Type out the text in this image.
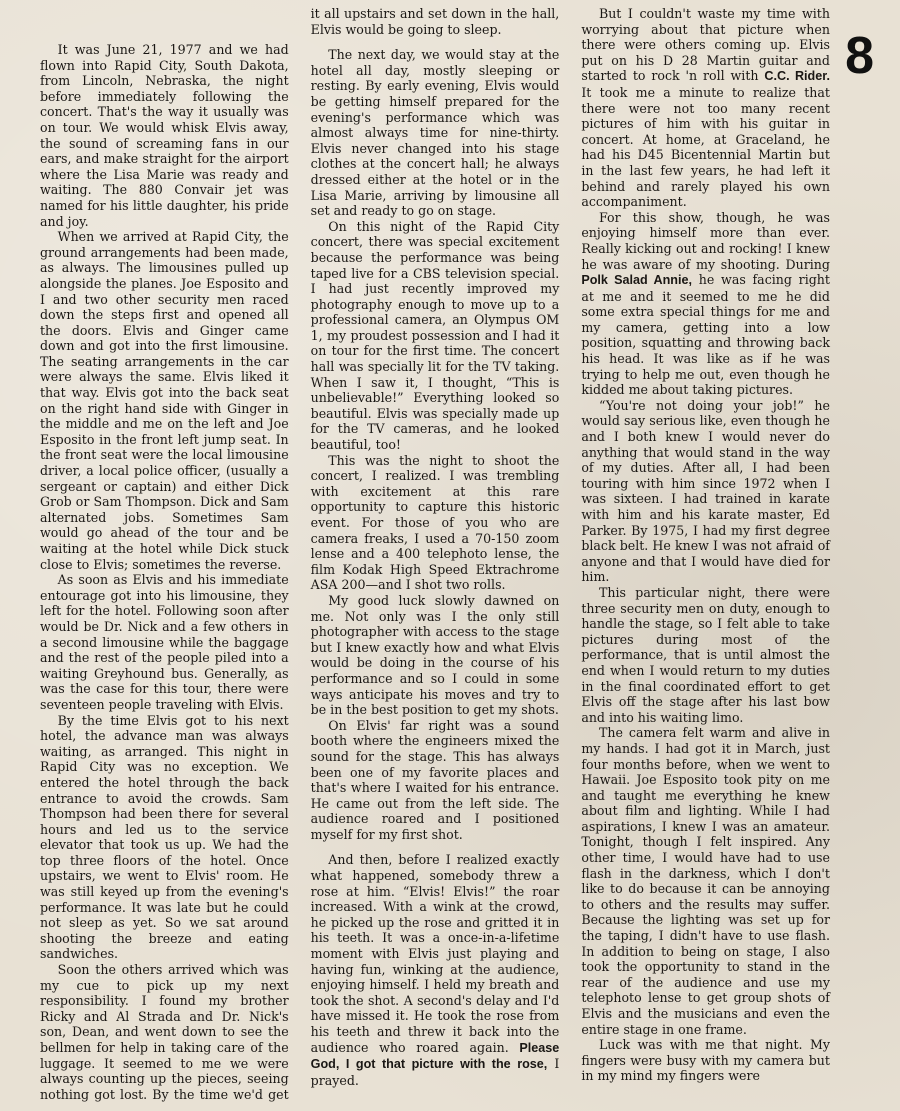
8

It was June 21, 1977 and we had flown into Rapid City, South Dakota, from Lincoln, Nebraska, the night before immediately following the concert. That's the way it usually was on tour. We would whisk Elvis away, the sound of screaming fans in our ears, and make straight for the airport where the Lisa Marie was ready and waiting. The 880 Convair jet was named for his little daughter, his pride and joy.

When we arrived at Rapid City, the ground arrangements had been made, as always. The limousines pulled up alongside the planes. Joe Esposito and I and two other security men raced down the steps first and opened all the doors. Elvis and Ginger came down and got into the first limousine. The seating arrangements in the car were always the same. Elvis liked it that way. Elvis got into the back seat on the right hand side with Ginger in the middle and me on the left and Joe Esposito in the front left jump seat. In the front seat were the local limousine driver, a local police officer, (usually a sergeant or captain) and either Dick Grob or Sam Thompson. Dick and Sam alternated jobs. Sometimes Sam would go ahead of the tour and be waiting at the hotel while Dick stuck close to Elvis; sometimes the reverse.

As soon as Elvis and his immediate entourage got into his limousine, they left for the hotel. Following soon after would be Dr. Nick and a few others in a second limousine while the baggage and the rest of the people piled into a waiting Greyhound bus. Generally, as was the case for this tour, there were seventeen people traveling with Elvis.

By the time Elvis got to his next hotel, the advance man was always waiting, as arranged. This night in Rapid City was no exception. We entered the hotel through the back entrance to avoid the crowds. Sam Thompson had been there for several hours and led us to the service elevator that took us up. We had the top three floors of the hotel. Once upstairs, we went to Elvis' room. He was still keyed up from the evening's performance. It was late but he could not sleep as yet. So we sat around shooting the breeze and eating sandwiches.

Soon the others arrived which was my cue to pick up my next responsibility. I found my brother Ricky and Al Strada and Dr. Nick's son, Dean, and went down to see the bellmen for help in taking care of the luggage. It seemed to me we were always counting up the pieces, seeing nothing got lost. By the time we'd get it all upstairs and set down in the hall, Elvis would be going to sleep.

The next day, we would stay at the hotel all day, mostly sleeping or resting. By early evening, Elvis would be getting himself prepared for the evening's performance which was almost always time for nine-thirty. Elvis never changed into his stage clothes at the concert hall; he always dressed either at the hotel or in the Lisa Marie, arriving by limousine all set and ready to go on stage.

On this night of the Rapid City concert, there was special excitement because the performance was being taped live for a CBS television special. I had just recently improved my photography enough to move up to a professional camera, an Olympus OM 1, my proudest possession and I had it on tour for the first time. The concert hall was specially lit for the TV taking. When I saw it, I thought, “This is unbelievable!” Everything looked so beautiful. Elvis was specially made up for the TV cameras, and he looked beautiful, too!

This was the night to shoot the concert, I realized. I was trembling with excitement at this rare opportunity to capture this historic event. For those of you who are camera freaks, I used a 70-150 zoom lense and a 400 telephoto lense, the film Kodak High Speed Ektrachrome ASA 200—and I shot two rolls.

My good luck slowly dawned on me. Not only was I the only still photographer with access to the stage but I knew exactly how and what Elvis would be doing in the course of his performance and so I could in some ways anticipate his moves and try to be in the best position to get my shots.

On Elvis' far right was a sound booth where the engineers mixed the sound for the stage. This has always been one of my favorite places and that's where I waited for his entrance. He came out from the left side. The audience roared and I positioned myself for my first shot.

And then, before I realized exactly what happened, somebody threw a rose at him. “Elvis! Elvis!” the roar increased. With a wink at the crowd, he picked up the rose and gritted it in his teeth. It was a once-in-a-lifetime moment with Elvis just playing and having fun, winking at the audience, enjoying himself. I held my breath and took the shot. A second's delay and I'd have missed it. He took the rose from his teeth and threw it back into the audience who roared again. Please God, I got that picture with the rose, I prayed.

But I couldn't waste my time with worrying about that picture when there were others coming up. Elvis put on his D 28 Martin guitar and started to rock 'n roll with C.C. Rider. It took me a minute to realize that there were not too many recent pictures of him with his guitar in concert. At home, at Graceland, he had his D45 Bicentennial Martin but in the last few years, he had left it behind and rarely played his own accompaniment.

For this show, though, he was enjoying himself more than ever. Really kicking out and rocking! I knew he was aware of my shooting. During Polk Salad Annie, he was facing right at me and it seemed to me he did some extra special things for me and my camera, getting into a low position, squatting and throwing back his head. It was like as if he was trying to help me out, even though he kidded me about taking pictures.

“You're not doing your job!” he would say serious like, even though he and I both knew I would never do anything that would stand in the way of my duties. After all, I had been touring with him since 1972 when I was sixteen. I had trained in karate with him and his karate master, Ed Parker. By 1975, I had my first degree black belt. He knew I was not afraid of anyone and that I would have died for him.

This particular night, there were three security men on duty, enough to handle the stage, so I felt able to take pictures during most of the performance, that is until almost the end when I would return to my duties in the final coordinated effort to get Elvis off the stage after his last bow and into his waiting limo.

The camera felt warm and alive in my hands. I had got it in March, just four months before, when we went to Hawaii. Joe Esposito took pity on me and taught me everything he knew about film and lighting. While I had aspirations, I knew I was an amateur. Tonight, though I felt inspired. Any other time, I would have had to use flash in the darkness, which I don't like to do because it can be annoying to others and the results may suffer. Because the lighting was set up for the taping, I didn't have to use flash. In addition to being on stage, I also took the opportunity to stand in the rear of the audience and use my telephoto lense to get group shots of Elvis and the musicians and even the entire stage in one frame.

Luck was with me that night. My fingers were busy with my camera but in my mind my fingers were
